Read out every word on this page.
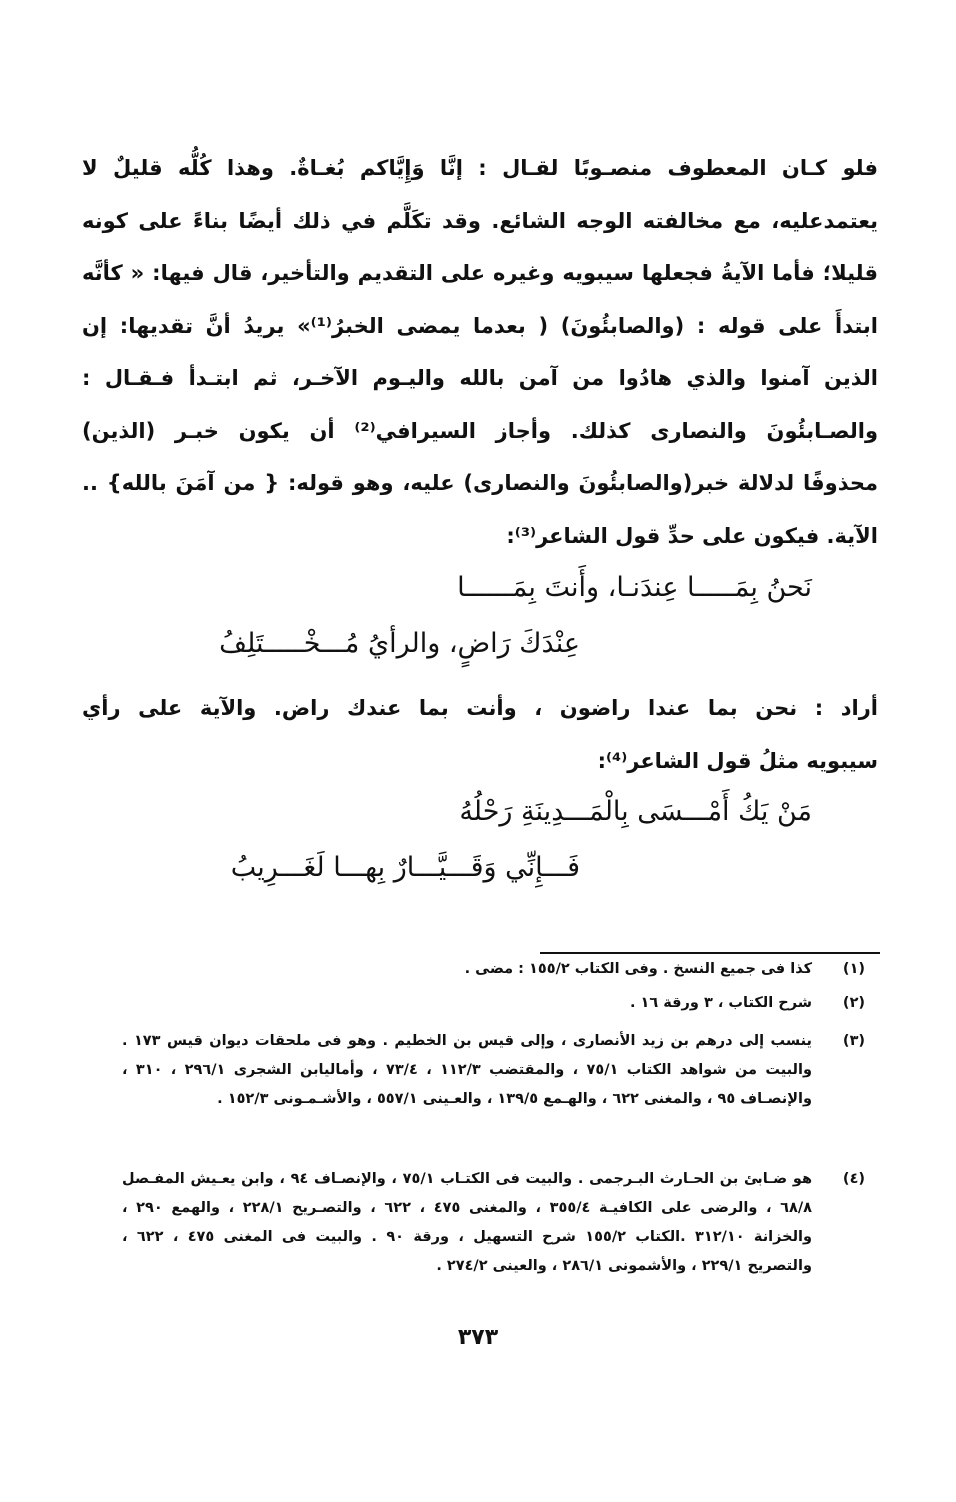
فلو كـان المعطوف منصـوبًا لقـال : إنَّا وَإِيَّاكم بُغـاةٌ. وهذا كُلُّه قليلٌ لا
يعتمدعليه، مع مخالفته الوجه الشائع. وقد تكَلَّم في ذلك أيضًا بناءً على كونه
قليلا؛ فأما الآيةُ فجعلها سيبويه وغيره على التقديم والتأخير، قال فيها: « كأنَّه
ابتدأَ على قوله : (والصابئُونَ) ( بعدما يمضى الخبرُ⁽¹⁾» يريدُ أنَّ تقديها: إن
الذين آمنوا والذي هادُوا من آمن بالله واليـوم الآخـر، ثم ابتـدأ فـقـال :
والصـابئُونَ والنصارى كذلك. وأجاز السيرافي⁽²⁾ أن يكون خبـر (الذين)
محذوفًا لدلالة خبر(والصابئُونَ والنصارى) عليه، وهو قوله: { من آمَنَ بالله} ..
الآية. فيكون على حدِّ قول الشاعر⁽³⁾:
نَحنُ بِمَـــــا عِندَنـا، وأَنتَ بِمَــــــا
عِنْدَكَ رَاضٍ، والرأيُ مُـــخْـــــتَلِفُ
أراد : نحن بما عندا راضون ، وأنت بما عندك راض. والآية على رأي
سيبويه مثلُ قول الشاعر⁽⁴⁾:
مَنْ يَكُ أَمْـــسَى بِالْمَـــدِينَةِ رَحْلُهُ
فَـــإِنِّي وَقَـــيَّـــارٌ بِهـــا لَغَـــرِيبُ
(١)
كذا فى جميع النسخ . وفى الكتاب ١٥٥/٢ : مضى .
(٢)
شرح الكتاب ، ٣ ورقة ١٦ .
(٣)
ينسب إلى درهم بن زيد الأنصارى ، وإلى قيس بن الخطيم . وهو فى ملحقات ديوان قيس ١٧٣ . والبيت من شواهد الكتاب ٧٥/١ ، والمقتضب ١١٢/٣ ، ٧٣/٤ ، وأماليابن الشجرى ٢٩٦/١ ، ٣١٠ ، والإنصـاف ٩٥ ، والمغنى ٦٢٢ ، والهـمع ١٣٩/٥ ، والعـينى ٥٥٧/١ ، والأشـمـونى ١٥٢/٣ .
(٤)
هو ضـابئ بن الحـارث البـرجمى . والبيت فى الكتـاب ٧٥/١ ، والإنصـاف ٩٤ ، وابن يعـيش المفـصل ٦٨/٨ ، والرضى على الكافيـة ٣٥٥/٤ ، والمغنى ٤٧٥ ، ٦٢٢ ، والتصـريح ٢٢٨/١ ، والهمع ٢٩٠ ، والخزانة ٣١٢/١٠ .الكتاب ١٥٥/٢ شرح التسهيل ، ورقة ٩٠ . والبيت فى المغنى ٤٧٥ ، ٦٢٢ ، والتصريح ٢٢٩/١ ، والأشمونى ٢٨٦/١ ، والعينى ٢٧٤/٢ .
٣٧٣
